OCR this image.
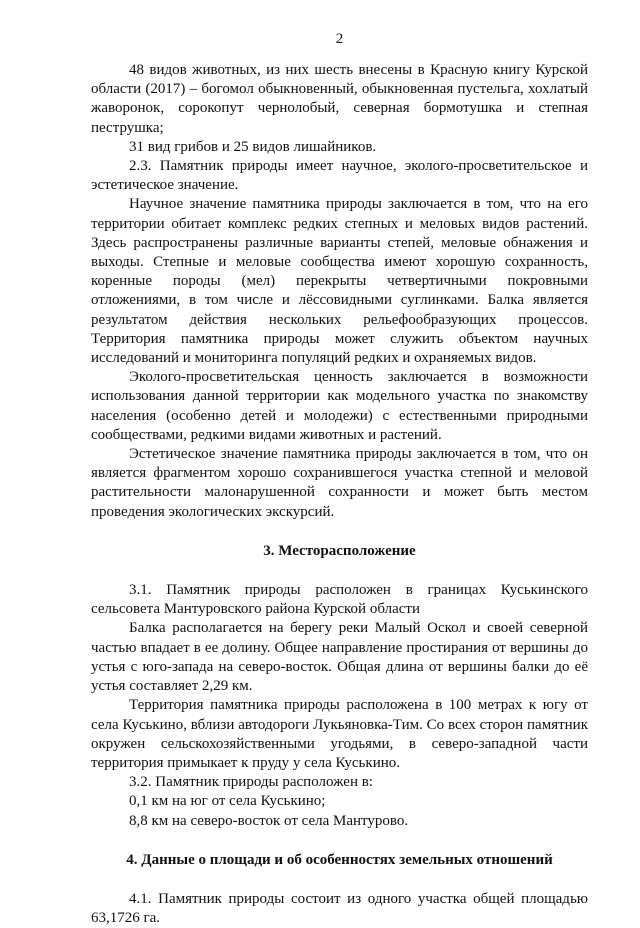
2

48 видов животных, из них шесть внесены в Красную книгу Курской области (2017) – богомол обыкновенный, обыкновенная пустельга, хохлатый жаворонок, сорокопут чернолобый, северная бормотушка и степная пеструшка;

31 вид грибов и 25 видов лишайников.

2.3. Памятник природы имеет научное, эколого-просветительское и эстетическое значение.

Научное значение памятника природы заключается в том, что на его территории обитает комплекс редких степных и меловых видов растений. Здесь распространены различные варианты степей, меловые обнажения и выходы. Степные и меловые сообщества имеют хорошую сохранность, коренные породы (мел) перекрыты четвертичными покровными отложениями, в том числе и лёссовидными суглинками. Балка является результатом действия нескольких рельефообразующих процессов. Территория памятника природы может служить объектом научных исследований и мониторинга популяций редких и охраняемых видов.

Эколого-просветительская ценность заключается в возможности использования данной территории как модельного участка по знакомству населения (особенно детей и молодежи) с естественными природными сообществами, редкими видами животных и растений.

Эстетическое значение памятника природы заключается в том, что он является фрагментом хорошо сохранившегося участка степной и меловой растительности малонарушенной сохранности и может быть местом проведения экологических экскурсий.

3. Месторасположение

3.1. Памятник природы расположен в границах Куськинского сельсовета Мантуровского района Курской области

Балка располагается на берегу реки Малый Оскол и своей северной частью впадает в ее долину. Общее направление простирания от вершины до устья с юго-запада на северо-восток. Общая длина от вершины балки до её устья составляет 2,29 км.

Территория памятника природы расположена в 100 метрах к югу от села Куськино, вблизи автодороги Лукьяновка-Тим. Со всех сторон памятник окружен сельскохозяйственными угодьями, в северо-западной части территория примыкает к пруду у села Куськино.

3.2. Памятник природы расположен в:

0,1 км на юг от села Куськино;

8,8 км на северо-восток от села Мантурово.

4. Данные о площади и об особенностях земельных отношений

4.1. Памятник природы состоит из одного участка общей площадью 63,1726 га.
